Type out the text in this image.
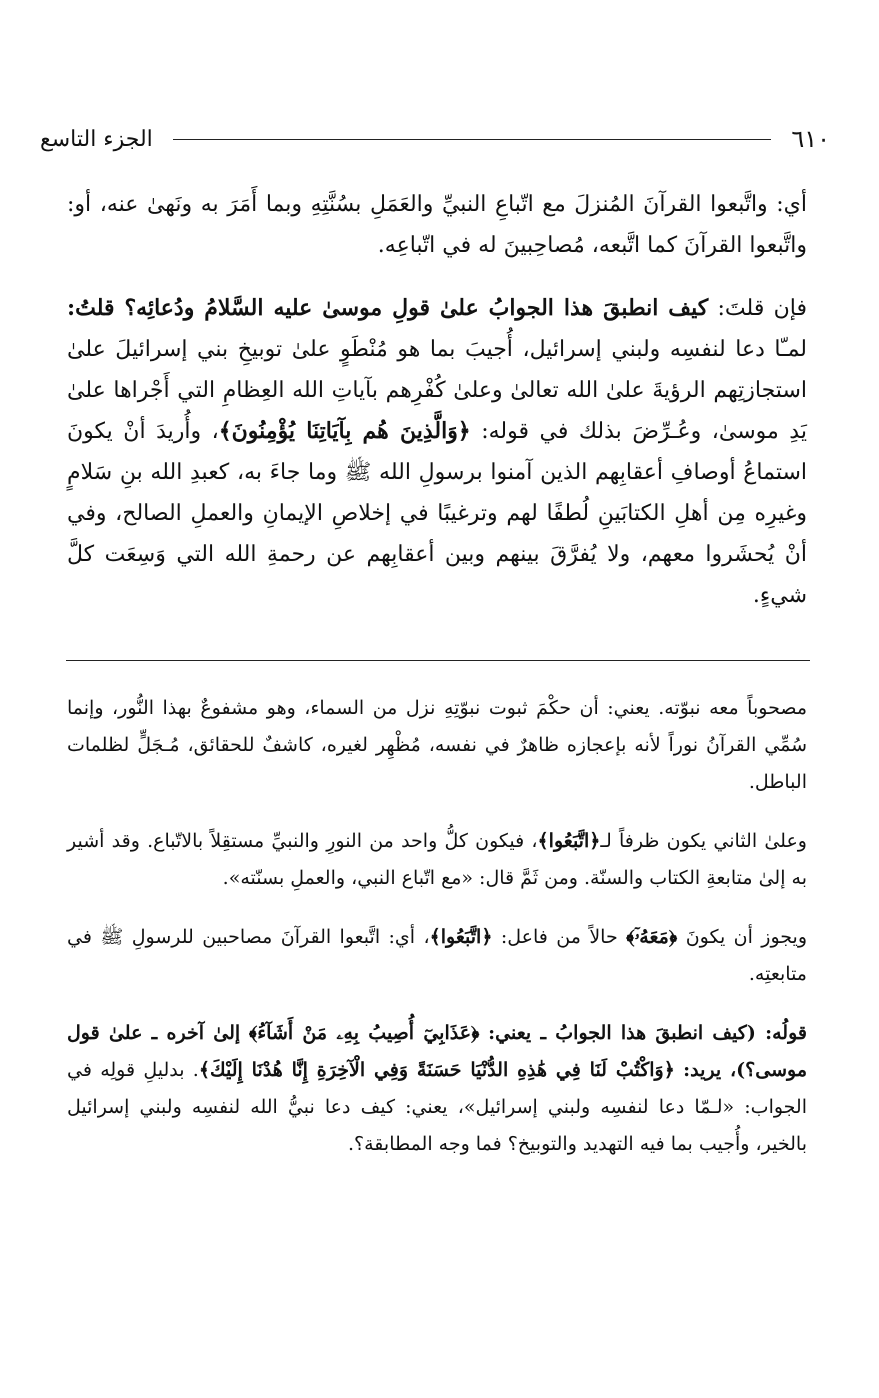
٦١٠
الجزء التاسع

أي: واتَّبعوا القرآنَ المُنزلَ مع اتّباعِ النبيِّ والعَمَلِ بسُنَّتِهِ وبما أَمَرَ به ونَهىٰ عنه، أو: واتَّبعوا القرآنَ كما اتَّبعه، مُصاحِبينَ له في اتّباعِه.

فإن قلتَ: كيف انطبقَ هذا الجوابُ علىٰ قولِ موسىٰ عليه السَّلامُ ودُعائِه؟ قلتُ: لمـّا دعا لنفسِه ولبني إسرائيل، أُجيبَ بما هو مُنْطَوٍ علىٰ توبيخِ بني إسرائيلَ علىٰ استجازتِهم الرؤيةَ علىٰ الله تعالىٰ وعلىٰ كُفْرِهم بآياتِ الله العِظامِ التي أَجْراها علىٰ يَدِ موسىٰ، وعُـرِّضَ بذلك في قوله: ﴿وَالَّذِينَ هُم بِآيَاتِنَا يُؤْمِنُونَ﴾، وأُريدَ أنْ يكونَ استماعُ أوصافِ أعقابِهم الذين آمنوا برسولِ الله ﷺ وما جاءَ به، كعبدِ الله بنِ سَلامٍ وغيرِه مِن أهلِ الكتابَينِ لُطفًا لهم وترغيبًا في إخلاصِ الإيمانِ والعملِ الصالح، وفي أنْ يُحشَروا معهم، ولا يُفرَّقَ بينهم وبين أعقابِهم عن رحمةِ الله التي وَسِعَت كلَّ شيءٍ.

مصحوباً معه نبوّته. يعني: أن حكْمَ ثبوت نبوّتِهِ نزل من السماء، وهو مشفوعٌ بهذا النُّور، وإنما سُمِّي القرآنُ نوراً لأنه بإعجازه ظاهرٌ في نفسه، مُظْهِر لغيره، كاشفٌ للحقائق، مُـجَلٍّ لظلمات الباطل.

وعلىٰ الثاني يكون ظرفاً لـ﴿اتَّبَعُوا﴾، فيكون كلُّ واحد من النورِ والنبيِّ مستقِلاً بالاتّباع. وقد أشير به إلىٰ متابعةِ الكتاب والسنّة. ومن ثَمَّ قال: «مع اتّباع النبي، والعملِ بسنّته».

ويجوز أن يكونَ ﴿مَعَهُۥٓ﴾ حالاً من فاعل: ﴿اتَّبَعُوا﴾، أي: اتَّبعوا القرآنَ مصاحبين للرسولِ ﷺ في متابعتِه.

قولُه: (كيف انطبقَ هذا الجوابُ ـ يعني: ﴿عَذَابِيٓ أُصِيبُ بِهِۦ مَنْ أَشَآءُ﴾ إلىٰ آخره ـ علىٰ قول موسى؟)، يريد: ﴿وَاكْتُبْ لَنَا فِي هَٰذِهِ الدُّنْيَا حَسَنَةً وَفِي الْآخِرَةِ إِنَّا هُدْنَا إِلَيْكَ﴾. بدليلِ قولِه في الجواب: «لـمّا دعا لنفسِه ولبني إسرائيل»، يعني: كيف دعا نبيُّ الله لنفسِه ولبني إسرائيل بالخير، وأُجيب بما فيه التهديد والتوبيخ؟ فما وجه المطابقة؟.
